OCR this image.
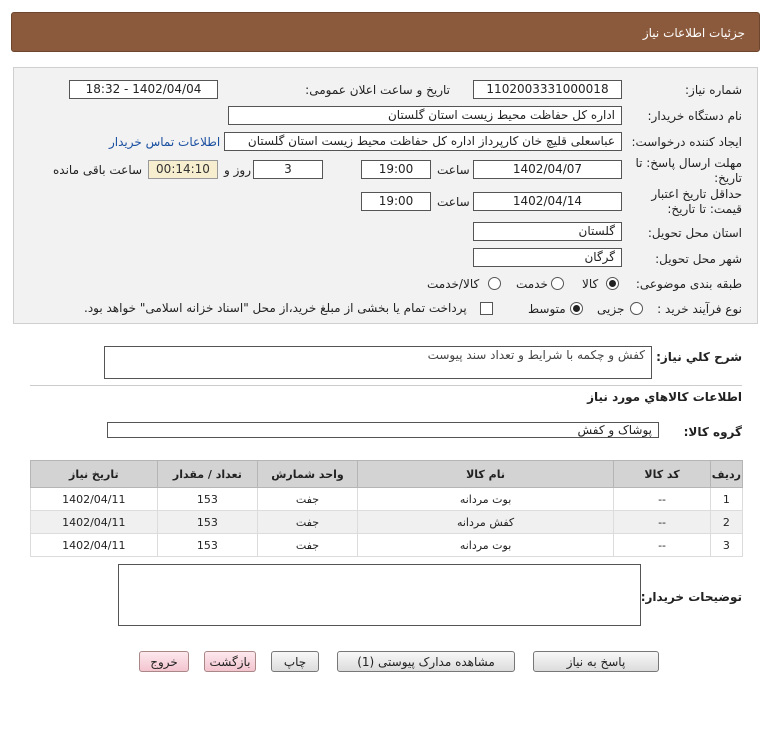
جزئیات اطلاعات نیاز
شماره نیاز:
1102003331000018
تاریخ و ساعت اعلان عمومی:
1402/04/04 - 18:32
نام دستگاه خریدار:
اداره کل حفاظت محیط زیست استان گلستان
ایجاد کننده درخواست:
عباسعلی قلیچ خان کارپرداز اداره کل حفاظت محیط زیست استان گلستان
اطلاعات تماس خریدار
مهلت ارسال پاسخ: تا
تاریخ:
1402/04/07
ساعت
19:00
3
روز و
00:14:10
ساعت باقی مانده
حداقل تاریخ اعتبار
قیمت: تا تاریخ:
1402/04/14
ساعت
19:00
استان محل تحویل:
گلستان
شهر محل تحویل:
گرگان
طبقه بندی موضوعی:
کالا
خدمت
کالا/خدمت
نوع فرآیند خرید :
جزیی
متوسط
پرداخت تمام یا بخشی از مبلغ خرید،از محل "اسناد خزانه اسلامی" خواهد بود.
شرح کلي نياز:
کفش و چکمه با شرایط و تعداد سند پیوست
اطلاعات کالاهاي مورد نياز
گروه کالا:
پوشاک و کفش
ردیف	کد کالا	نام کالا	واحد شمارش	تعداد / مقدار	تاریخ نیاز
1	--	بوت مردانه	جفت	153	1402/04/11
2	--	کفش مردانه	جفت	153	1402/04/11
3	--	بوت مردانه	جفت	153	1402/04/11
توضیحات خریدار:
پاسخ به نیاز
مشاهده مدارک پیوستی (1)
چاپ
بازگشت
خروج
